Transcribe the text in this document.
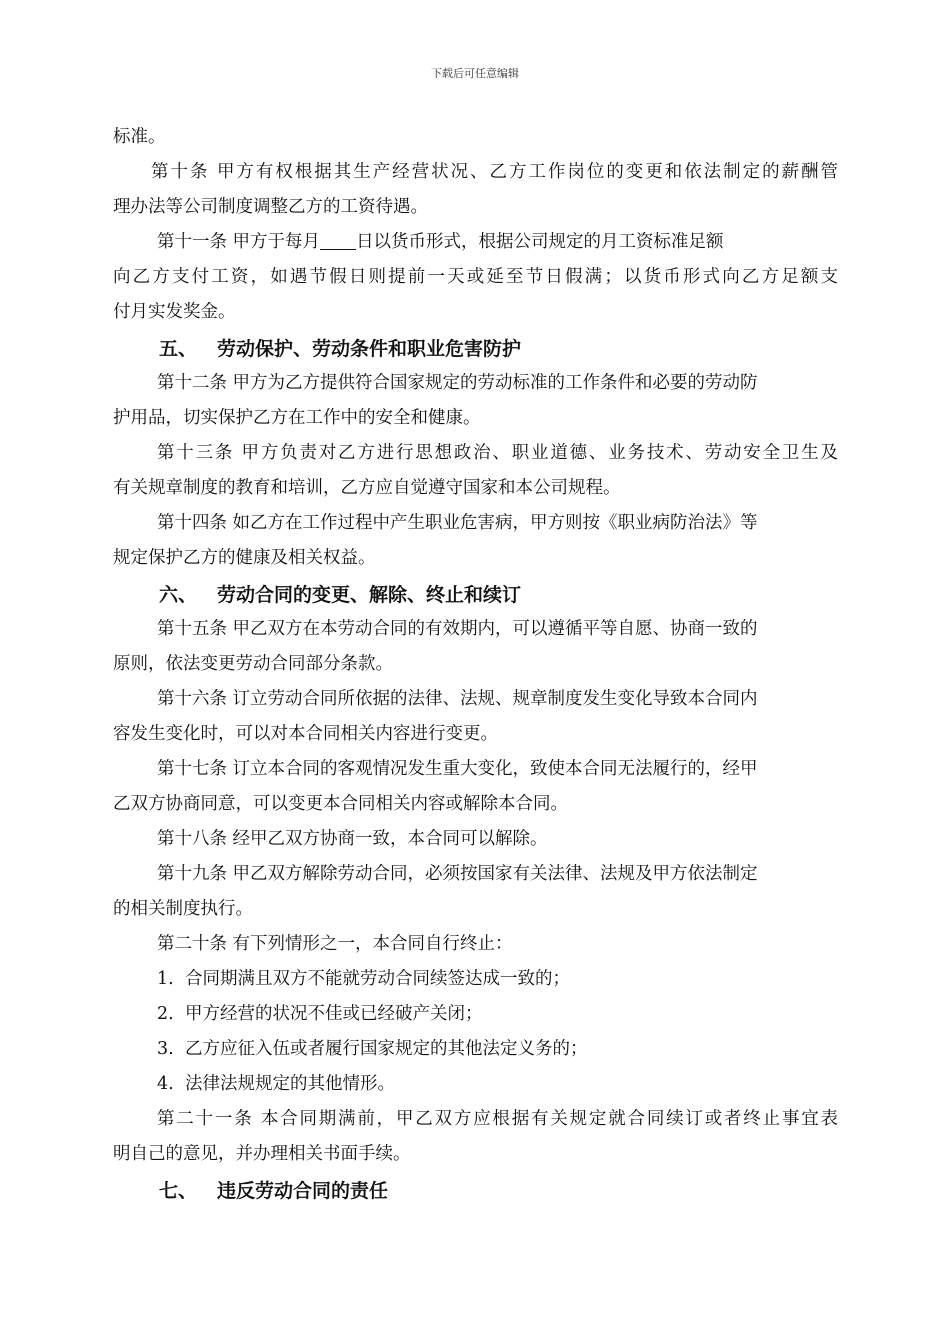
下载后可任意编辑
标准。
第十条 甲方有权根据其生产经营状况、乙方工作岗位的变更和依法制定的薪酬管
理办法等公司制度调整乙方的工资待遇。
第十一条 甲方于每月 日以货币形式，根据公司规定的月工资标准足额
向乙方支付工资，如遇节假日则提前一天或延至节日假满；以货币形式向乙方足额支
付月实发奖金。
五、 劳动保护、劳动条件和职业危害防护
第十二条 甲方为乙方提供符合国家规定的劳动标准的工作条件和必要的劳动防
护用品，切实保护乙方在工作中的安全和健康。
第十三条 甲方负责对乙方进行思想政治、职业道德、业务技术、劳动安全卫生及
有关规章制度的教育和培训，乙方应自觉遵守国家和本公司规程。
第十四条 如乙方在工作过程中产生职业危害病，甲方则按《职业病防治法》等
规定保护乙方的健康及相关权益。
六、 劳动合同的变更、解除、终止和续订
第十五条 甲乙双方在本劳动合同的有效期内，可以遵循平等自愿、协商一致的
原则，依法变更劳动合同部分条款。
第十六条 订立劳动合同所依据的法律、法规、规章制度发生变化导致本合同内
容发生变化时，可以对本合同相关内容进行变更。
第十七条 订立本合同的客观情况发生重大变化，致使本合同无法履行的，经甲
乙双方协商同意，可以变更本合同相关内容或解除本合同。
第十八条 经甲乙双方协商一致，本合同可以解除。
第十九条 甲乙双方解除劳动合同，必须按国家有关法律、法规及甲方依法制定
的相关制度执行。
第二十条 有下列情形之一，本合同自行终止：
1. 合同期满且双方不能就劳动合同续签达成一致的；
2. 甲方经营的状况不佳或已经破产关闭；
3. 乙方应征入伍或者履行国家规定的其他法定义务的；
4. 法律法规规定的其他情形。
第二十一条 本合同期满前，甲乙双方应根据有关规定就合同续订或者终止事宜表
明自己的意见，并办理相关书面手续。
七、 违反劳动合同的责任
